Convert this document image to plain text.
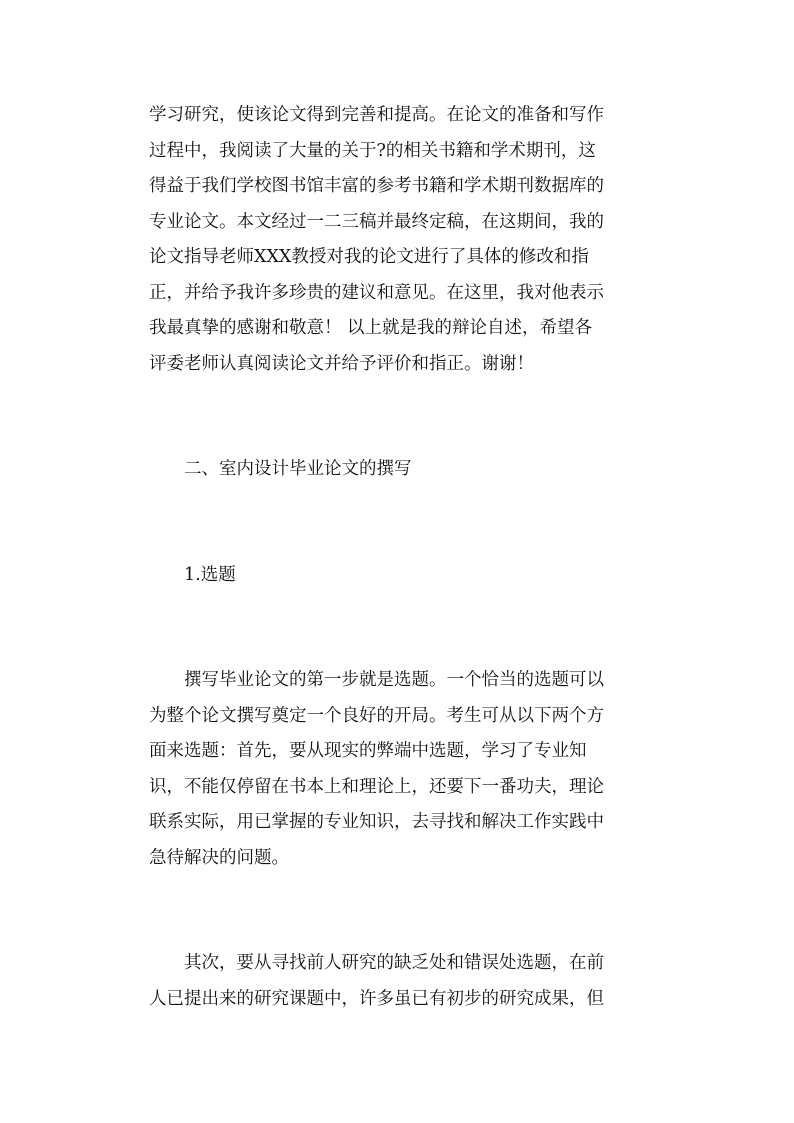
学习研究，使该论文得到完善和提高。在论文的准备和写作
过程中，我阅读了大量的关于?的相关书籍和学术期刊，这
得益于我们学校图书馆丰富的参考书籍和学术期刊数据库的
专业论文。本文经过一二三稿并最终定稿，在这期间，我的
论文指导老师XXX教授对我的论文进行了具体的修改和指
正，并给予我许多珍贵的建议和意见。在这里，我对他表示
我最真挚的感谢和敬意！ 以上就是我的辩论自述，希望各
评委老师认真阅读论文并给予评价和指正。谢谢！
二、室内设计毕业论文的撰写
1.选题
撰写毕业论文的第一步就是选题。一个恰当的选题可以
为整个论文撰写奠定一个良好的开局。考生可从以下两个方
面来选题：首先，要从现实的弊端中选题，学习了专业知
识，不能仅停留在书本上和理论上，还要下一番功夫，理论
联系实际，用已掌握的专业知识，去寻找和解决工作实践中
急待解决的问题。
其次，要从寻找前人研究的缺乏处和错误处选题，在前
人已提出来的研究课题中，许多虽已有初步的研究成果，但
